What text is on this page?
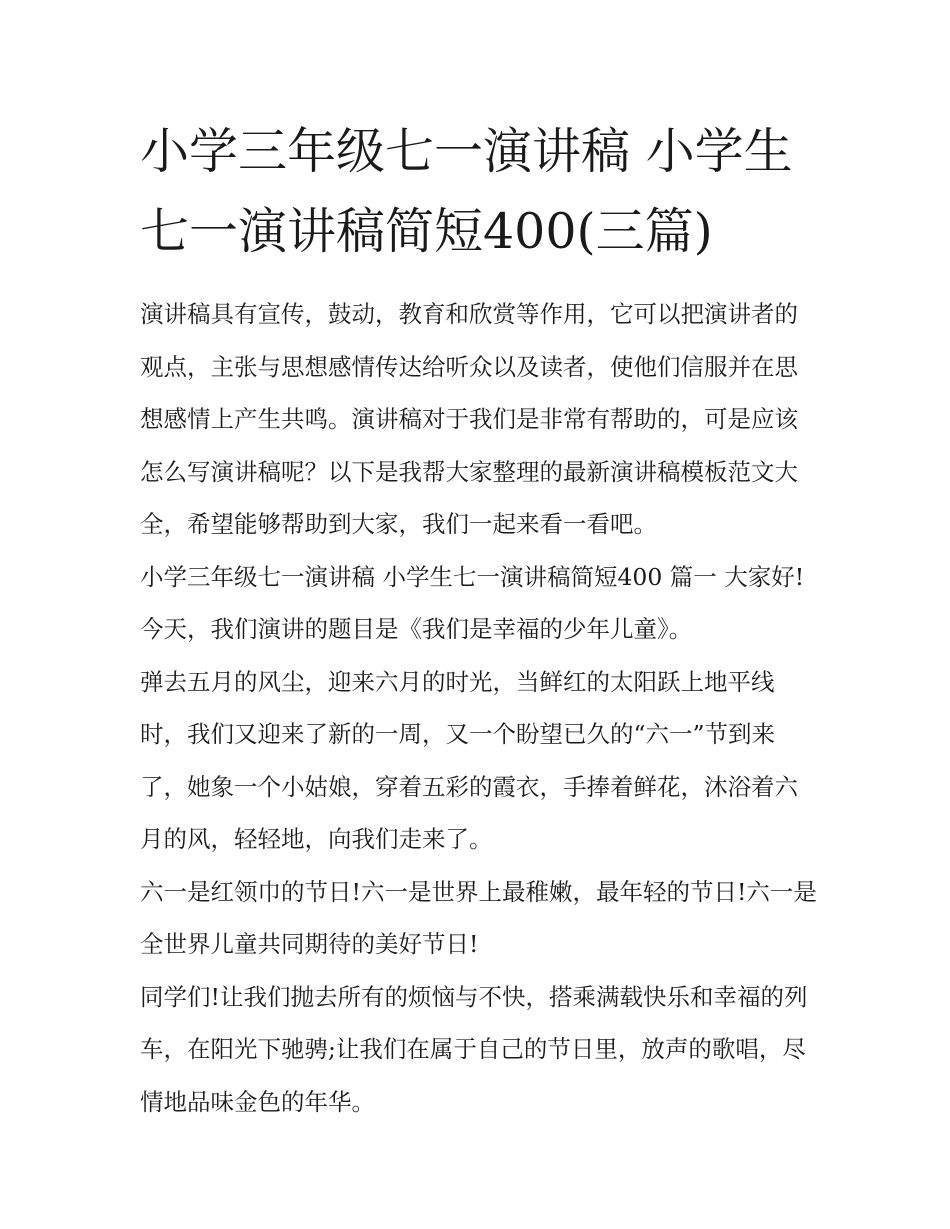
小学三年级七一演讲稿 小学生七一演讲稿简短400(三篇)

演讲稿具有宣传，鼓动，教育和欣赏等作用，它可以把演讲者的观点，主张与思想感情传达给听众以及读者，使他们信服并在思想感情上产生共鸣。演讲稿对于我们是非常有帮助的，可是应该怎么写演讲稿呢？以下是我帮大家整理的最新演讲稿模板范文大全，希望能够帮助到大家，我们一起来看一看吧。

小学三年级七一演讲稿 小学生七一演讲稿简短400 篇一 大家好!今天，我们演讲的题目是《我们是幸福的少年儿童》。

弹去五月的风尘，迎来六月的时光，当鲜红的太阳跃上地平线时，我们又迎来了新的一周，又一个盼望已久的“六一”节到来了，她象一个小姑娘，穿着五彩的霞衣，手捧着鲜花，沐浴着六月的风，轻轻地，向我们走来了。

六一是红领巾的节日!六一是世界上最稚嫩，最年轻的节日!六一是全世界儿童共同期待的美好节日!

同学们!让我们抛去所有的烦恼与不快，搭乘满载快乐和幸福的列车，在阳光下驰骋;让我们在属于自己的节日里，放声的歌唱，尽情地品味金色的年华。
